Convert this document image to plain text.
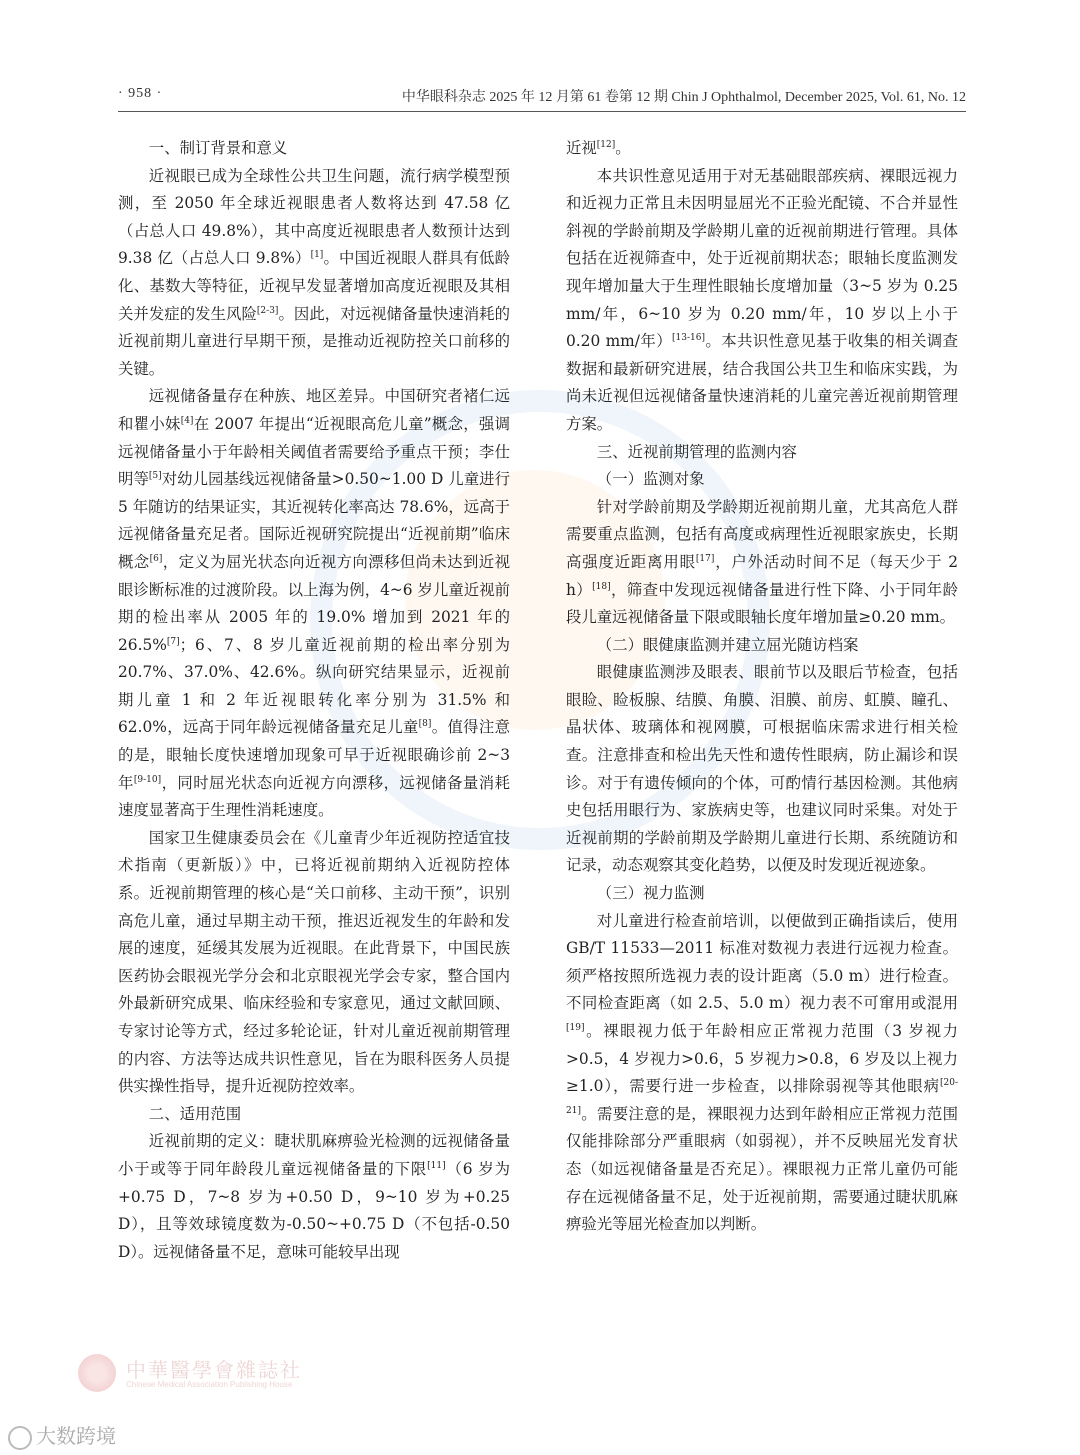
· 958 ·	中华眼科杂志 2025 年 12 月第 61 卷第 12 期 Chin J Ophthalmol, December 2025, Vol. 61, No. 12
一、制订背景和意义

近视眼已成为全球性公共卫生问题，流行病学模型预测，至 2050 年全球近视眼患者人数将达到 47.58 亿（占总人口 49.8%），其中高度近视眼患者人数预计达到 9.38 亿（占总人口 9.8%）[1]。中国近视眼人群具有低龄化、基数大等特征，近视早发显著增加高度近视眼及其相关并发症的发生风险[2-3]。因此，对远视储备量快速消耗的近视前期儿童进行早期干预，是推动近视防控关口前移的关键。

远视储备量存在种族、地区差异。中国研究者褚仁远和瞿小妹[4]在 2007 年提出“近视眼高危儿童”概念，强调远视储备量小于年龄相关阈值者需要给予重点干预；李仕明等[5]对幼儿园基线远视储备量>0.50~1.00 D 儿童进行 5 年随访的结果证实，其近视转化率高达 78.6%，远高于远视储备量充足者。国际近视研究院提出“近视前期”临床概念[6]，定义为屈光状态向近视方向漂移但尚未达到近视眼诊断标准的过渡阶段。以上海为例，4~6 岁儿童近视前期的检出率从 2005 年的 19.0% 增加到 2021 年的 26.5%[7]；6、7、8 岁儿童近视前期的检出率分别为 20.7%、37.0%、42.6%。纵向研究结果显示，近视前期儿童 1 和 2 年近视眼转化率分别为 31.5% 和 62.0%，远高于同年龄远视储备量充足儿童[8]。值得注意的是，眼轴长度快速增加现象可早于近视眼确诊前 2~3 年[9-10]，同时屈光状态向近视方向漂移，远视储备量消耗速度显著高于生理性消耗速度。

国家卫生健康委员会在《儿童青少年近视防控适宜技术指南（更新版）》中，已将近视前期纳入近视防控体系。近视前期管理的核心是“关口前移、主动干预”，识别高危儿童，通过早期主动干预，推迟近视发生的年龄和发展的速度，延缓其发展为近视眼。在此背景下，中国民族医药协会眼视光学分会和北京眼视光学会专家，整合国内外最新研究成果、临床经验和专家意见，通过文献回顾、专家讨论等方式，经过多轮论证，针对儿童近视前期管理的内容、方法等达成共识性意见，旨在为眼科医务人员提供实操性指导，提升近视防控效率。

二、适用范围

近视前期的定义：睫状肌麻痹验光检测的远视储备量小于或等于同年龄段儿童远视储备量的下限[11]（6 岁为+0.75 D，7~8 岁为+0.50 D，9~10 岁为+0.25 D），且等效球镜度数为-0.50~+0.75 D（不包括-0.50 D）。远视储备量不足，意味可能较早出现

近视[12]。

本共识性意见适用于对无基础眼部疾病、裸眼远视力和近视力正常且未因明显屈光不正验光配镜、不合并显性斜视的学龄前期及学龄期儿童的近视前期进行管理。具体包括在近视筛查中，处于近视前期状态；眼轴长度监测发现年增加量大于生理性眼轴长度增加量（3~5 岁为 0.25 mm/年，6~10 岁为 0.20 mm/年，10 岁以上小于 0.20 mm/年）[13-16]。本共识性意见基于收集的相关调查数据和最新研究进展，结合我国公共卫生和临床实践，为尚未近视但远视储备量快速消耗的儿童完善近视前期管理方案。

三、近视前期管理的监测内容
（一）监测对象

针对学龄前期及学龄期近视前期儿童，尤其高危人群需要重点监测，包括有高度或病理性近视眼家族史，长期高强度近距离用眼[17]，户外活动时间不足（每天少于 2 h）[18]，筛查中发现远视储备量进行性下降、小于同年龄段儿童远视储备量下限或眼轴长度年增加量≥0.20 mm。

（二）眼健康监测并建立屈光随访档案

眼健康监测涉及眼表、眼前节以及眼后节检查，包括眼睑、睑板腺、结膜、角膜、泪膜、前房、虹膜、瞳孔、晶状体、玻璃体和视网膜，可根据临床需求进行相关检查。注意排查和检出先天性和遗传性眼病，防止漏诊和误诊。对于有遗传倾向的个体，可酌情行基因检测。其他病史包括用眼行为、家族病史等，也建议同时采集。对处于近视前期的学龄前期及学龄期儿童进行长期、系统随访和记录，动态观察其变化趋势，以便及时发现近视迹象。

（三）视力监测

对儿童进行检查前培训，以便做到正确指读后，使用 GB/T 11533—2011 标准对数视力表进行远视力检查。须严格按照所选视力表的设计距离（5.0 m）进行检查。不同检查距离（如 2.5、5.0 m）视力表不可窜用或混用[19]。裸眼视力低于年龄相应正常视力范围（3 岁视力>0.5，4 岁视力>0.6，5 岁视力>0.8，6 岁及以上视力≥1.0），需要行进一步检查，以排除弱视等其他眼病[20-21]。需要注意的是，裸眼视力达到年龄相应正常视力范围仅能排除部分严重眼病（如弱视），并不反映屈光发育状态（如远视储备量是否充足）。裸眼视力正常儿童仍可能存在远视储备量不足，处于近视前期，需要通过睫状肌麻痹验光等屈光检查加以判断。

中華醫學會雜誌社
Chinese Medical Association Publishing House
大数跨境
